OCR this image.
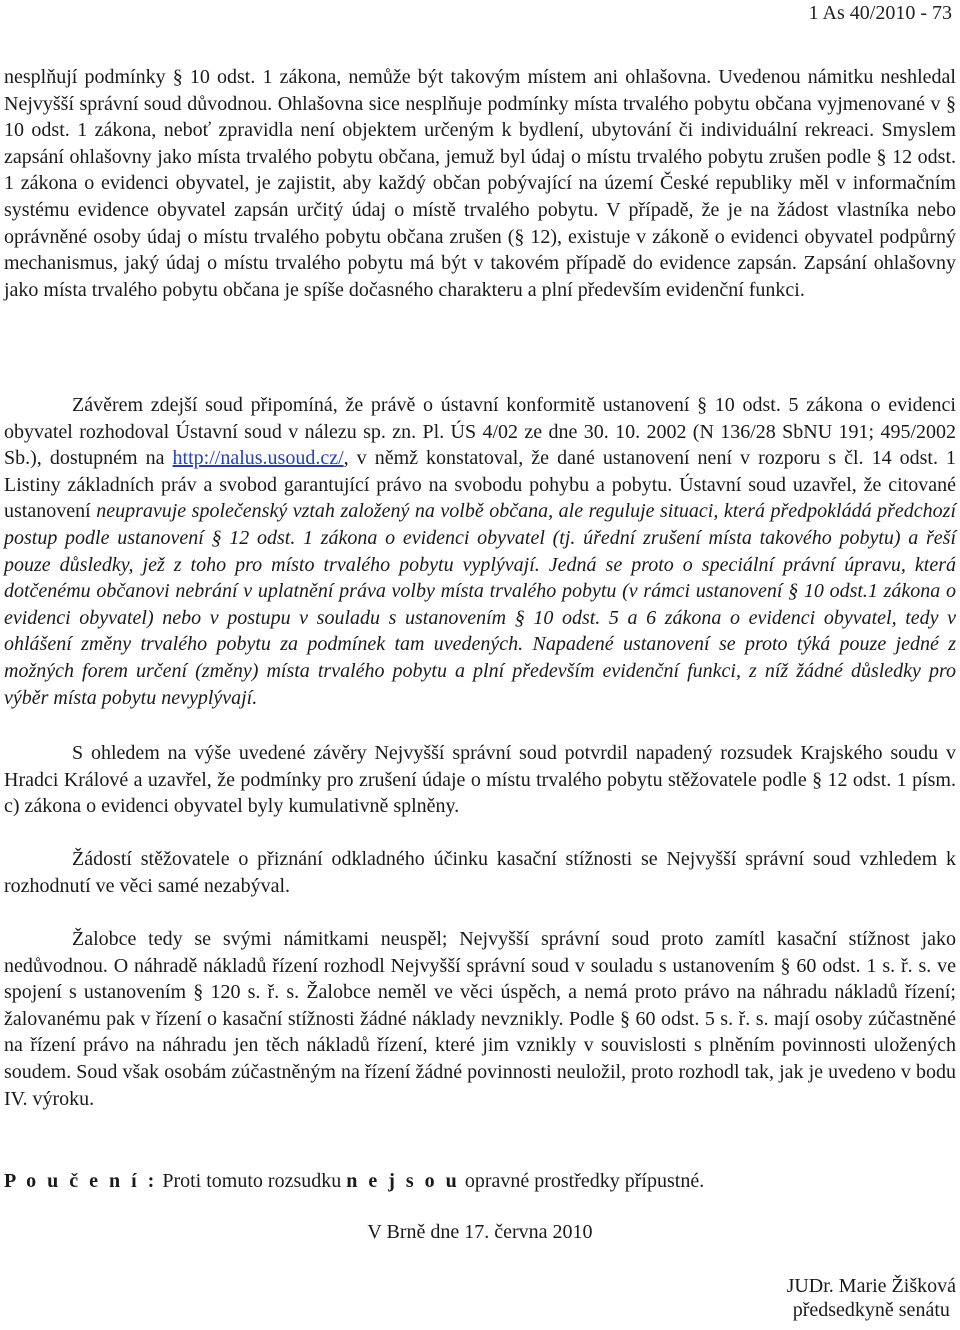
1 As 40/2010 - 73

nesplňují podmínky § 10 odst. 1 zákona, nemůže být takovým místem ani ohlašovna. Uvedenou námitku neshledal Nejvyšší správní soud důvodnou. Ohlašovna sice nesplňuje podmínky místa trvalého pobytu občana vyjmenované v § 10 odst. 1 zákona, neboť zpravidla není objektem určeným k bydlení, ubytování či individuální rekreaci. Smyslem zapsání ohlašovny jako místa trvalého pobytu občana, jemuž byl údaj o místu trvalého pobytu zrušen podle § 12 odst. 1 zákona o evidenci obyvatel, je zajistit, aby každý občan pobývající na území České republiky měl v informačním systému evidence obyvatel zapsán určitý údaj o místě trvalého pobytu. V případě, že je na žádost vlastníka nebo oprávněné osoby údaj o místu trvalého pobytu občana zrušen (§ 12), existuje v zákoně o evidenci obyvatel podpůrný mechanismus, jaký údaj o místu trvalého pobytu má být v takovém případě do evidence zapsán. Zapsání ohlašovny jako místa trvalého pobytu občana je spíše dočasného charakteru a plní především evidenční funkci.

Závěrem zdejší soud připomíná, že právě o ústavní konformitě ustanovení § 10 odst. 5 zákona o evidenci obyvatel rozhodoval Ústavní soud v nálezu sp. zn. Pl. ÚS 4/02 ze dne 30. 10. 2002 (N 136/28 SbNU 191; 495/2002 Sb.), dostupném na http://nalus.usoud.cz/, v němž konstatoval, že dané ustanovení není v rozporu s čl. 14 odst. 1 Listiny základních práv a svobod garantující právo na svobodu pohybu a pobytu. Ústavní soud uzavřel, že citované ustanovení neupravuje společenský vztah založený na volbě občana, ale reguluje situaci, která předpokládá předchozí postup podle ustanovení § 12 odst. 1 zákona o evidenci obyvatel (tj. úřední zrušení místa takového pobytu) a řeší pouze důsledky, jež z toho pro místo trvalého pobytu vyplývají. Jedná se proto o speciální právní úpravu, která dotčenému občanovi nebrání v uplatnění práva volby místa trvalého pobytu (v rámci ustanovení § 10 odst.1 zákona o evidenci obyvatel) nebo v postupu v souladu s ustanovením § 10 odst. 5 a 6 zákona o evidenci obyvatel, tedy v ohlášení změny trvalého pobytu za podmínek tam uvedených. Napadené ustanovení se proto týká pouze jedné z možných forem určení (změny) místa trvalého pobytu a plní především evidenční funkci, z níž žádné důsledky pro výběr místa pobytu nevyplývají.

S ohledem na výše uvedené závěry Nejvyšší správní soud potvrdil napadený rozsudek Krajského soudu v Hradci Králové a uzavřel, že podmínky pro zrušení údaje o místu trvalého pobytu stěžovatele podle § 12 odst. 1 písm. c) zákona o evidenci obyvatel byly kumulativně splněny.

Žádostí stěžovatele o přiznání odkladného účinku kasační stížnosti se Nejvyšší správní soud vzhledem k rozhodnutí ve věci samé nezabýval.

Žalobce tedy se svými námitkami neuspěl; Nejvyšší správní soud proto zamítl kasační stížnost jako nedůvodnou. O náhradě nákladů řízení rozhodl Nejvyšší správní soud v souladu s ustanovením § 60 odst. 1 s. ř. s. ve spojení s ustanovením § 120 s. ř. s. Žalobce neměl ve věci úspěch, a nemá proto právo na náhradu nákladů řízení; žalovanému pak v řízení o kasační stížnosti žádné náklady nevznikly. Podle § 60 odst. 5 s. ř. s. mají osoby zúčastněné na řízení právo na náhradu jen těch nákladů řízení, které jim vznikly v souvislosti s plněním povinnosti uložených soudem. Soud však osobám zúčastněným na řízení žádné povinnosti neuložil, proto rozhodl tak, jak je uvedeno v bodu IV. výroku.

P o u č e n í : Proti tomuto rozsudku n e j s o u opravné prostředky přípustné.

V Brně dne 17. června 2010
JUDr. Marie Žišková
předsedkyně senátu
